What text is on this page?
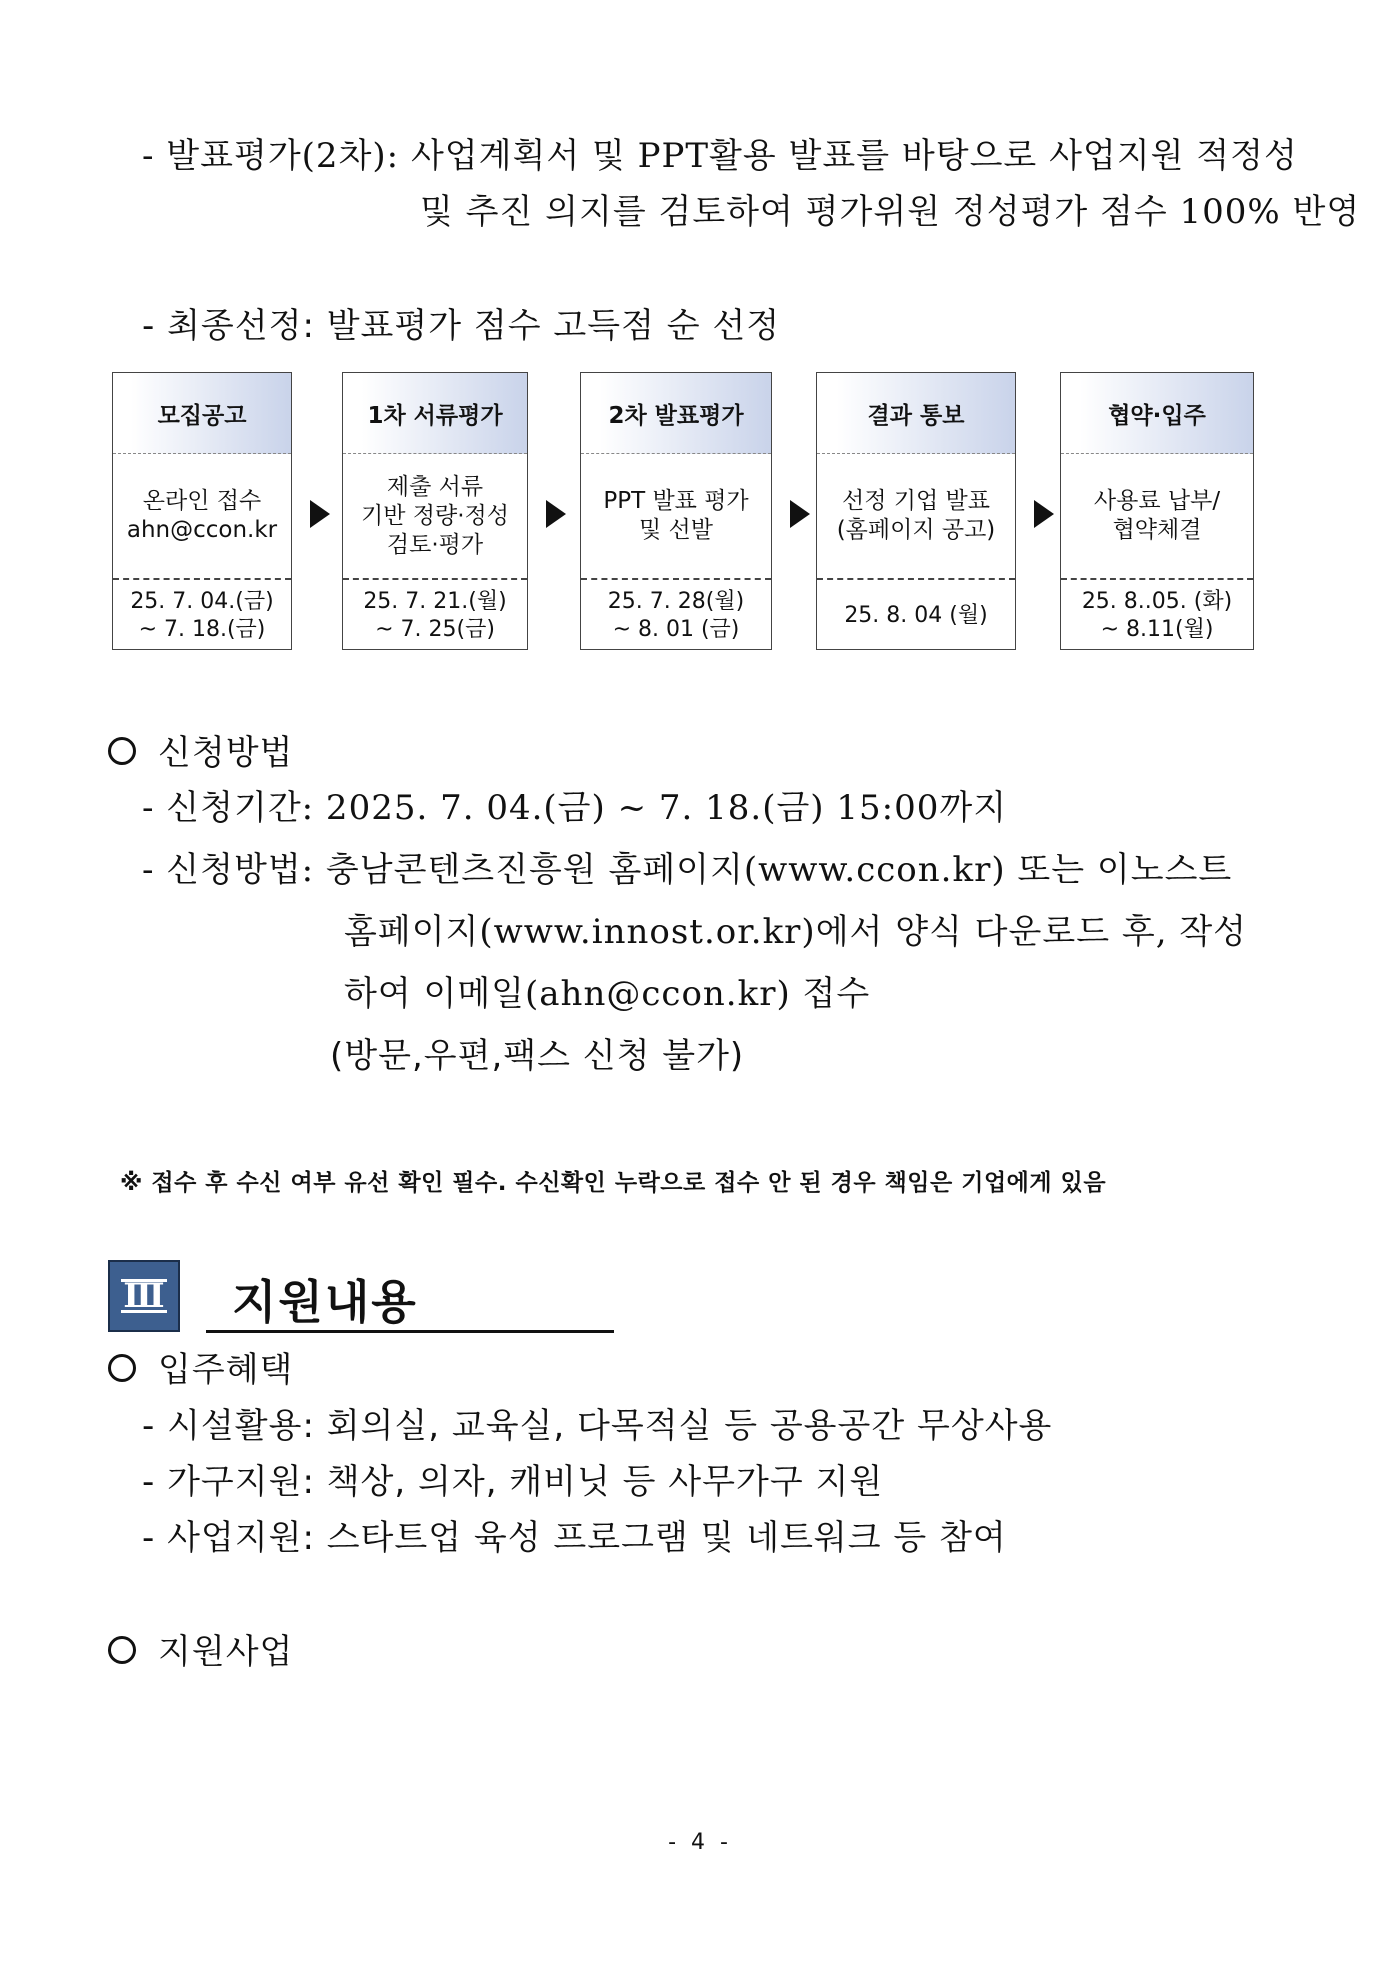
- 발표평가(2차): 사업계획서 및 PPT활용 발표를 바탕으로 사업지원 적정성
및 추진 의지를 검토하여 평가위원 정성평가 점수 100% 반영
- 최종선정: 발표평가 점수 고득점 순 선정
모집공고
온라인 접수
ahn@ccon.kr
25. 7. 04.(금)
~ 7. 18.(금)
1차 서류평가
제출 서류
기반 정량·정성
검토·평가
25. 7. 21.(월)
~ 7. 25(금)
2차 발표평가
PPT 발표 평가
및 선발
25. 7. 28(월)
~ 8. 01 (금)
결과 통보
선정 기업 발표
(홈페이지 공고)
25. 8. 04 (월)
협약·입주
사용료 납부/
협약체결
25. 8..05. (화)
~ 8.11(월)
신청방법
- 신청기간: 2025. 7. 04.(금) ~ 7. 18.(금) 15:00까지
- 신청방법: 충남콘텐츠진흥원 홈페이지(www.ccon.kr) 또는 이노스트
홈페이지(www.innost.or.kr)에서 양식 다운로드 후, 작성
하여 이메일(ahn@ccon.kr) 접수
(방문,우편,팩스 신청 불가)
※ 접수 후 수신 여부 유선 확인 필수. 수신확인 누락으로 접수 안 된 경우 책임은 기업에게 있음
Ⅲ 지원내용
입주혜택
- 시설활용: 회의실, 교육실, 다목적실 등 공용공간 무상사용
- 가구지원: 책상, 의자, 캐비닛 등 사무가구 지원
- 사업지원: 스타트업 육성 프로그램 및 네트워크 등 참여
지원사업
- 4 -
